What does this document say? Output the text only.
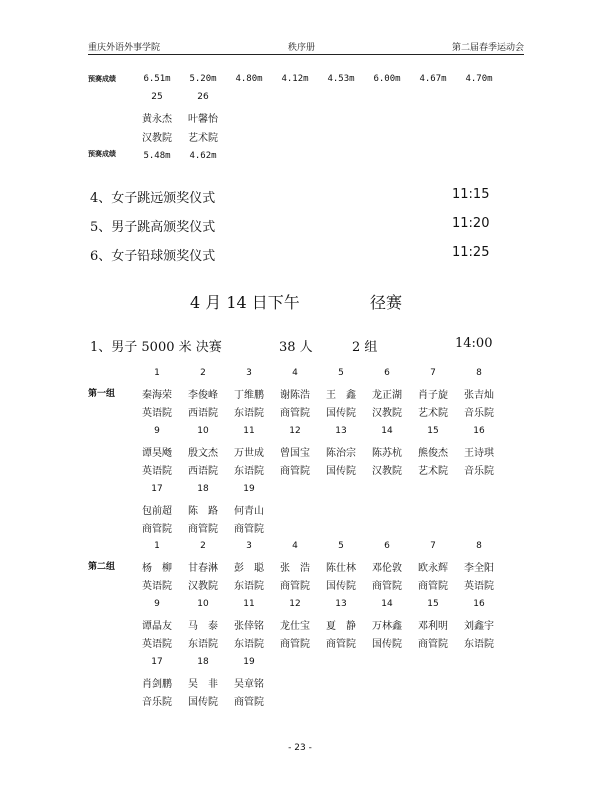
重庆外语外事学院	秩序册	第二届春季运动会
预赛成绩	6.51m	5.20m	4.80m	4.12m	4.53m	6.00m	4.67m	4.70m
25	26
黄永杰	叶馨怡
汉教院	艺术院
预赛成绩	5.48m	4.62m
4、女子跳远颁奖仪式	11:15
5、男子跳高颁奖仪式	11:20
6、女子铅球颁奖仪式	11:25
4 月 14 日下午	径赛
1、男子 5000 米 决赛	38 人	2 组	14:00
第一组
1	2	3	4	5	6	7	8
秦海荣	李俊峰	丁维鹏	谢陈浩	王　鑫	龙正湖	肖子旋	张吉灿
英语院	西语院	东语院	商管院	国传院	汉教院	艺术院	音乐院
9	10	11	12	13	14	15	16
谭昊飏	殷文杰	万世成	曾国宝	陈治宗	陈苏杭	熊俊杰	王诗琪
英语院	西语院	东语院	商管院	国传院	汉教院	艺术院	音乐院
17	18	19
包前超	陈　路	何青山
商管院	商管院	商管院
第二组
1	2	3	4	5	6	7	8
杨　柳	甘春淋	彭　聪	张　浩	陈仕林	邓伦敦	欧永辉	李全阳
英语院	汉教院	东语院	商管院	国传院	商管院	商管院	英语院
9	10	11	12	13	14	15	16
谭晶友	马　泰	张倖铭	龙仕宝	夏　静	万林鑫	邓利明	刘鑫宇
英语院	东语院	东语院	商管院	商管院	国传院	商管院	东语院
17	18	19
肖剑鹏	吴　非	吴章铭
音乐院	国传院	商管院
- 23 -
